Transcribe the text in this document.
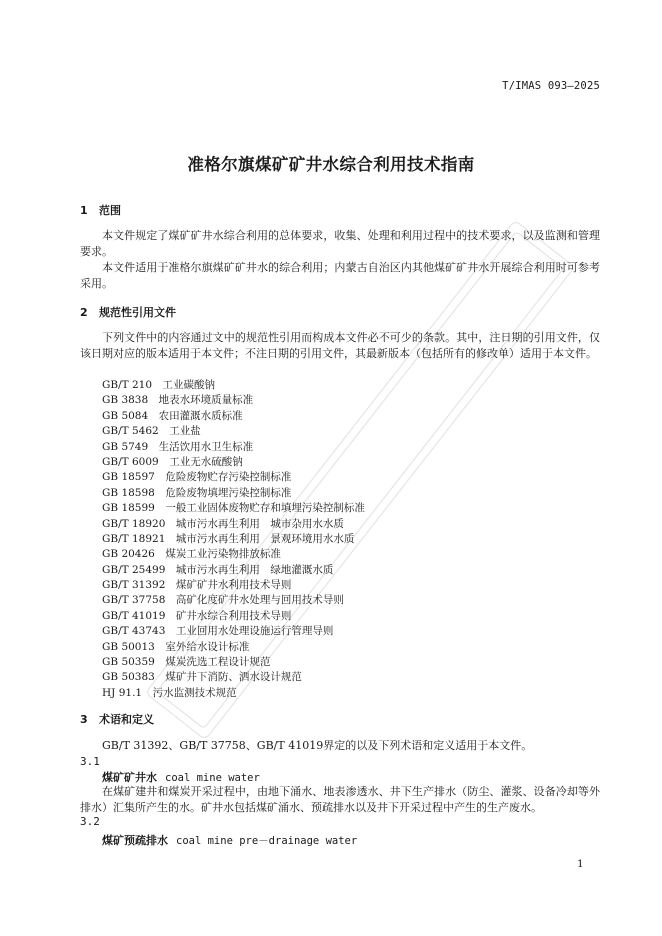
T/IMAS 093—2025
准格尔旗煤矿矿井水综合利用技术指南
1 范围
本文件规定了煤矿矿井水综合利用的总体要求，收集、处理和利用过程中的技术要求，以及监测和管理要求。
本文件适用于准格尔旗煤矿矿井水的综合利用；内蒙古自治区内其他煤矿矿井水开展综合利用时可参考采用。
2 规范性引用文件
下列文件中的内容通过文中的规范性引用而构成本文件必不可少的条款。其中，注日期的引用文件，仅该日期对应的版本适用于本文件；不注日期的引用文件，其最新版本（包括所有的修改单）适用于本文件。
GB/T 210　工业碳酸钠
GB 3838　地表水环境质量标准
GB 5084　农田灌溉水质标准
GB/T 5462　工业盐
GB 5749　生活饮用水卫生标准
GB/T 6009　工业无水硫酸钠
GB 18597　危险废物贮存污染控制标准
GB 18598　危险废物填埋污染控制标准
GB 18599　一般工业固体废物贮存和填埋污染控制标准
GB/T 18920　城市污水再生利用　城市杂用水水质
GB/T 18921　城市污水再生利用　景观环境用水水质
GB 20426　煤炭工业污染物排放标准
GB/T 25499　城市污水再生利用　绿地灌溉水质
GB/T 31392　煤矿矿井水利用技术导则
GB/T 37758　高矿化度矿井水处理与回用技术导则
GB/T 41019　矿井水综合利用技术导则
GB/T 43743　工业回用水处理设施运行管理导则
GB 50013　室外给水设计标准
GB 50359　煤炭洗选工程设计规范
GB 50383　煤矿井下消防、洒水设计规范
HJ 91.1　污水监测技术规范
3 术语和定义
GB/T 31392、GB/T 37758、GB/T 41019界定的以及下列术语和定义适用于本文件。
3.1
煤矿矿井水 coal mine water
在煤矿建井和煤炭开采过程中，由地下涌水、地表渗透水、井下生产排水（防尘、灌浆、设备冷却等外排水）汇集所产生的水。矿井水包括煤矿涌水、预疏排水以及井下开采过程中产生的生产废水。
3.2
煤矿预疏排水 coal mine pre－drainage water
1
